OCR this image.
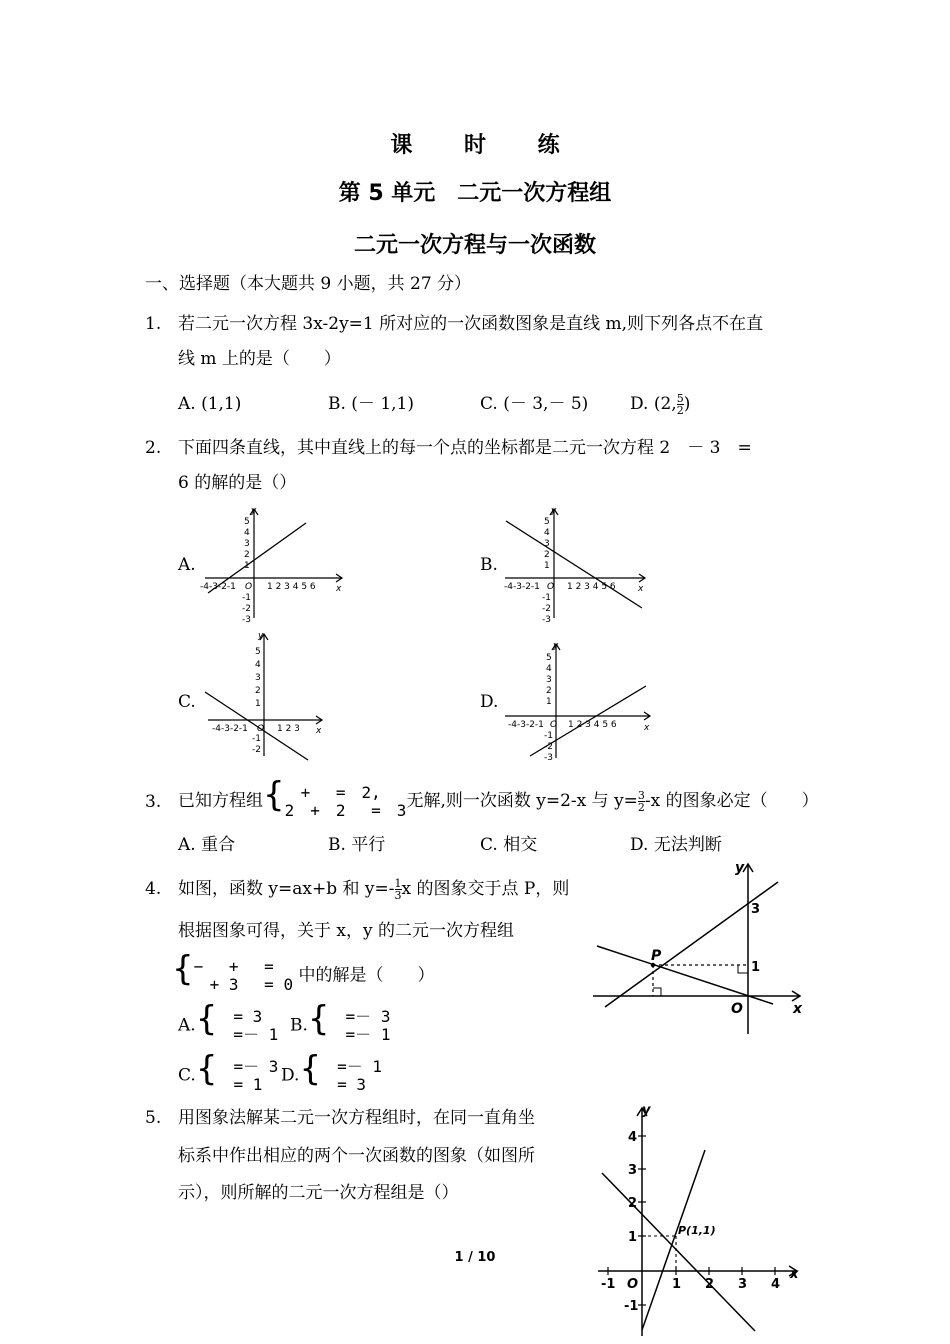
课 时 练
第 5 单元　二元一次方程组
二元一次方程与一次函数
一、选择题（本大题共 9 小题，共 27 分）
1. 若二元一次方程 3x-2y=1 所对应的一次函数图象是直线 m,则下列各点不在直
线 m 上的是（　　）
A. (1,1)	B. (－ 1,1)	C. (－ 3,－ 5) D. (2, $\frac{5}{2}$ )
2. 下面四条直线，其中直线上的每一个点的坐标都是二元一次方程 2　－ 3　=
6 的解的是（）
A.	B.
C.	D.
-4-3-2-1 O 1 2 3 4 5 6 x
y
5
4
3
2
1
-1
-2
-3
-4-3-2-1 O 1 2 3 4 5 6 x
y
5
4
3
2
1
-1
-2
-3
-4-3-2-1 O 1 2 3 x
y
5
4
3
2
1
-1
-2
-4-3-2-1 O 1 2 3 4 5 6	x
y
5
4
3
2
1
-1
-2
-3
3. 已知方程组{ 　+　 =　2,
2　+　2　 =　3 无解,则一次函数 y=2-x 与 $y= \frac{3}{2} -x$ 的图象必定（　　）
A. 重合	B. 平行	C. 相交	D. 无法判断
4. 如图，函数 y=ax+b 和 $y=- \frac{1}{3}$ x 的图象交于点 P，则
根据图象可得，关于 x，y 的二元一次方程组
{ −　 +　 =
　+ 3　 = 0 中的解是（　　）
A.{ 　= 3
　=－ 1 B.{ 　=－ 3
　=－ 1
C.{ 　=－ 3
　= 1	D.{ 　=－ 1
　= 3
y
x
O
P
3
1
5. 用图象法解某二元一次方程组时，在同一直角坐
标系中作出相应的两个一次函数的图象（如图所
示），则所解的二元一次方程组是（）
4
3
2
1
-1
-1	1 2 3 4
y
x
O
P(1,1)
1 / 10
